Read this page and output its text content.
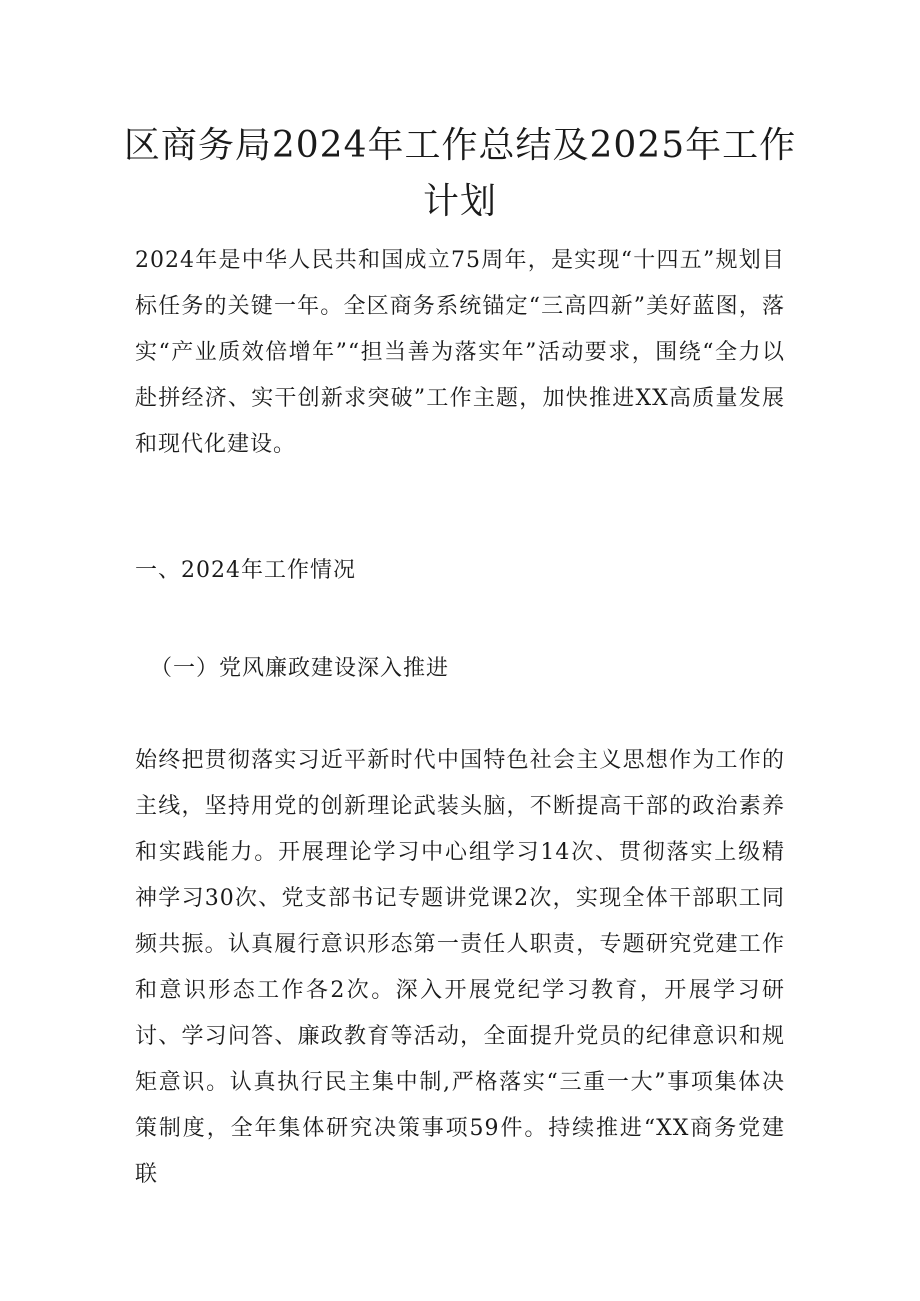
区商务局2024年工作总结及2025年工作计划

2024年是中华人民共和国成立75周年，是实现“十四五”规划目标任务的关键一年。全区商务系统锚定“三高四新”美好蓝图，落实“产业质效倍增年”“担当善为落实年”活动要求，围绕“全力以赴拼经济、实干创新求突破”工作主题，加快推进XX高质量发展和现代化建设。

一、2024年工作情况

（一）党风廉政建设深入推进

始终把贯彻落实习近平新时代中国特色社会主义思想作为工作的主线，坚持用党的创新理论武装头脑，不断提高干部的政治素养和实践能力。开展理论学习中心组学习14次、贯彻落实上级精神学习30次、党支部书记专题讲党课2次，实现全体干部职工同频共振。认真履行意识形态第一责任人职责，专题研究党建工作和意识形态工作各2次。深入开展党纪学习教育，开展学习研讨、学习问答、廉政教育等活动，全面提升党员的纪律意识和规矩意识。认真执行民主集中制,严格落实“三重一大”事项集体决策制度，全年集体研究决策事项59件。持续推进“XX商务党建联
